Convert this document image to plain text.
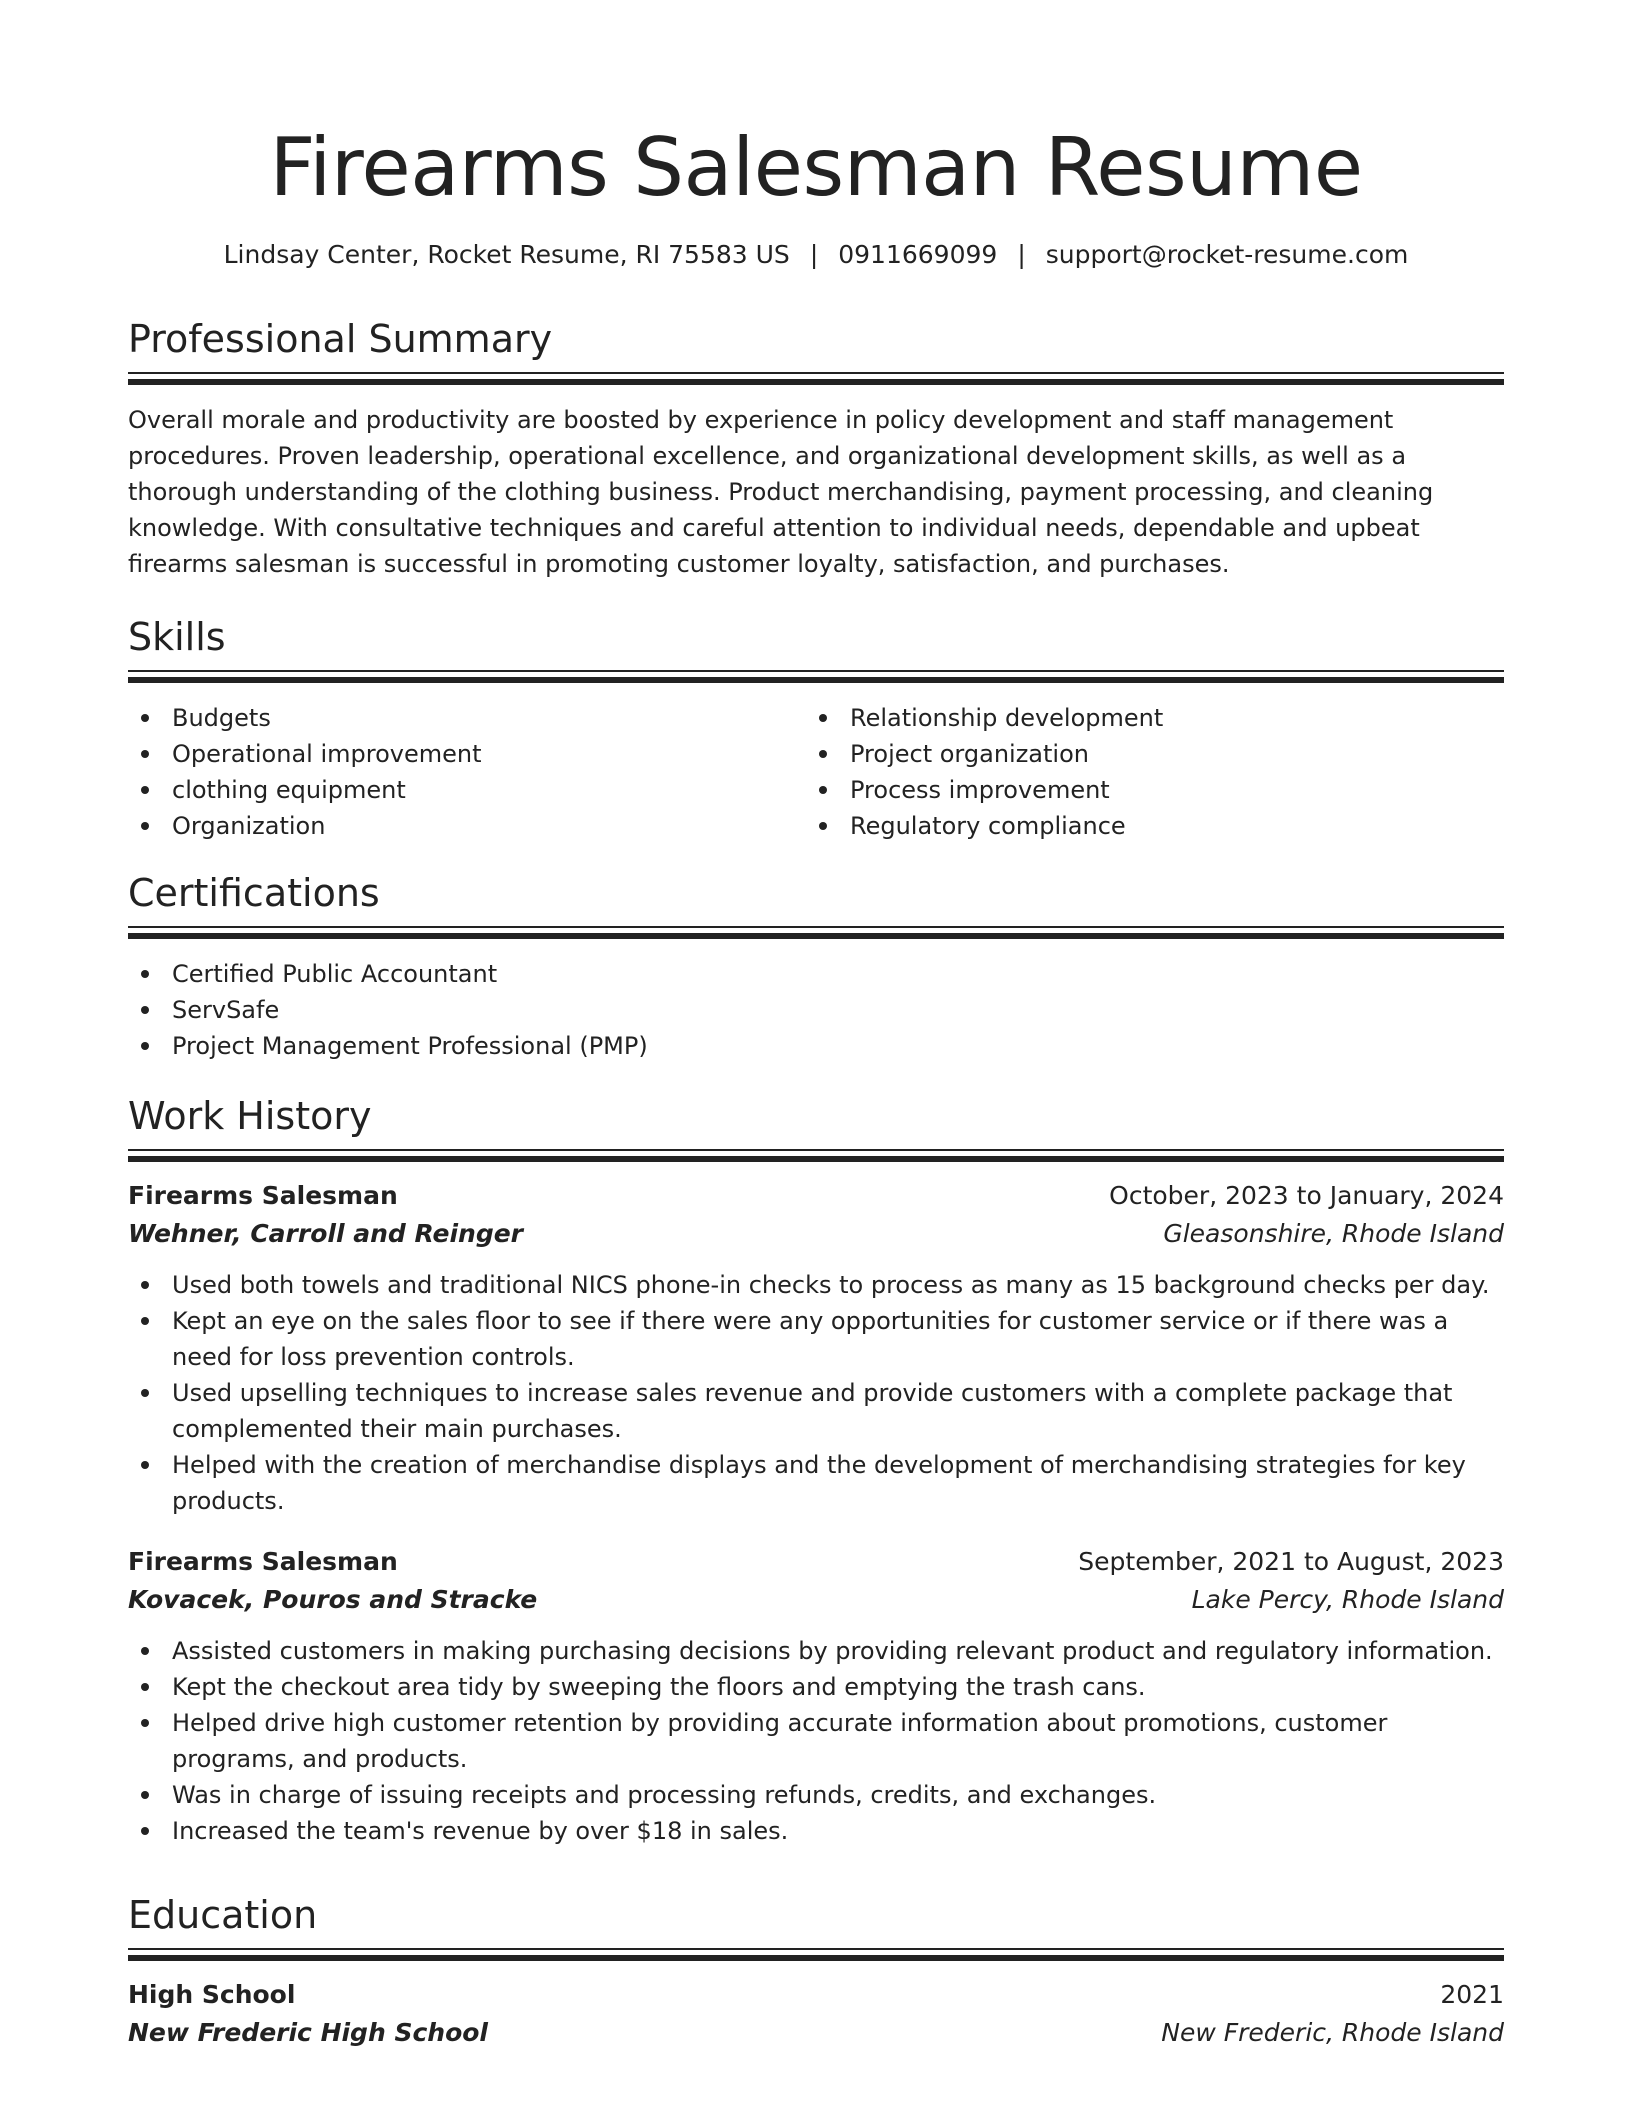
Firearms Salesman Resume
Lindsay Center, Rocket Resume, RI 75583 US | 0911669099 | support@rocket-resume.com
Professional Summary

Overall morale and productivity are boosted by experience in policy development and staff management procedures. Proven leadership, operational excellence, and organizational development skills, as well as a thorough understanding of the clothing business. Product merchandising, payment processing, and cleaning knowledge. With consultative techniques and careful attention to individual needs, dependable and upbeat firearms salesman is successful in promoting customer loyalty, satisfaction, and purchases.

Skills
Budgets
Operational improvement
clothing equipment
Organization
Relationship development
Project organization
Process improvement
Regulatory compliance
Certifications
Certified Public Accountant
ServSafe
Project Management Professional (PMP)
Work History
Firearms Salesman	October, 2023 to January, 2024
Wehner, Carroll and Reinger	Gleasonshire, Rhode Island
Used both towels and traditional NICS phone-in checks to process as many as 15 background checks per day.
Kept an eye on the sales floor to see if there were any opportunities for customer service or if there was a need for loss prevention controls.
Used upselling techniques to increase sales revenue and provide customers with a complete package that complemented their main purchases.
Helped with the creation of merchandise displays and the development of merchandising strategies for key products.
Firearms Salesman	September, 2021 to August, 2023
Kovacek, Pouros and Stracke	Lake Percy, Rhode Island
Assisted customers in making purchasing decisions by providing relevant product and regulatory information.
Kept the checkout area tidy by sweeping the floors and emptying the trash cans.
Helped drive high customer retention by providing accurate information about promotions, customer programs, and products.
Was in charge of issuing receipts and processing refunds, credits, and exchanges.
Increased the team's revenue by over $18 in sales.
Education
High School	2021
New Frederic High School	New Frederic, Rhode Island
